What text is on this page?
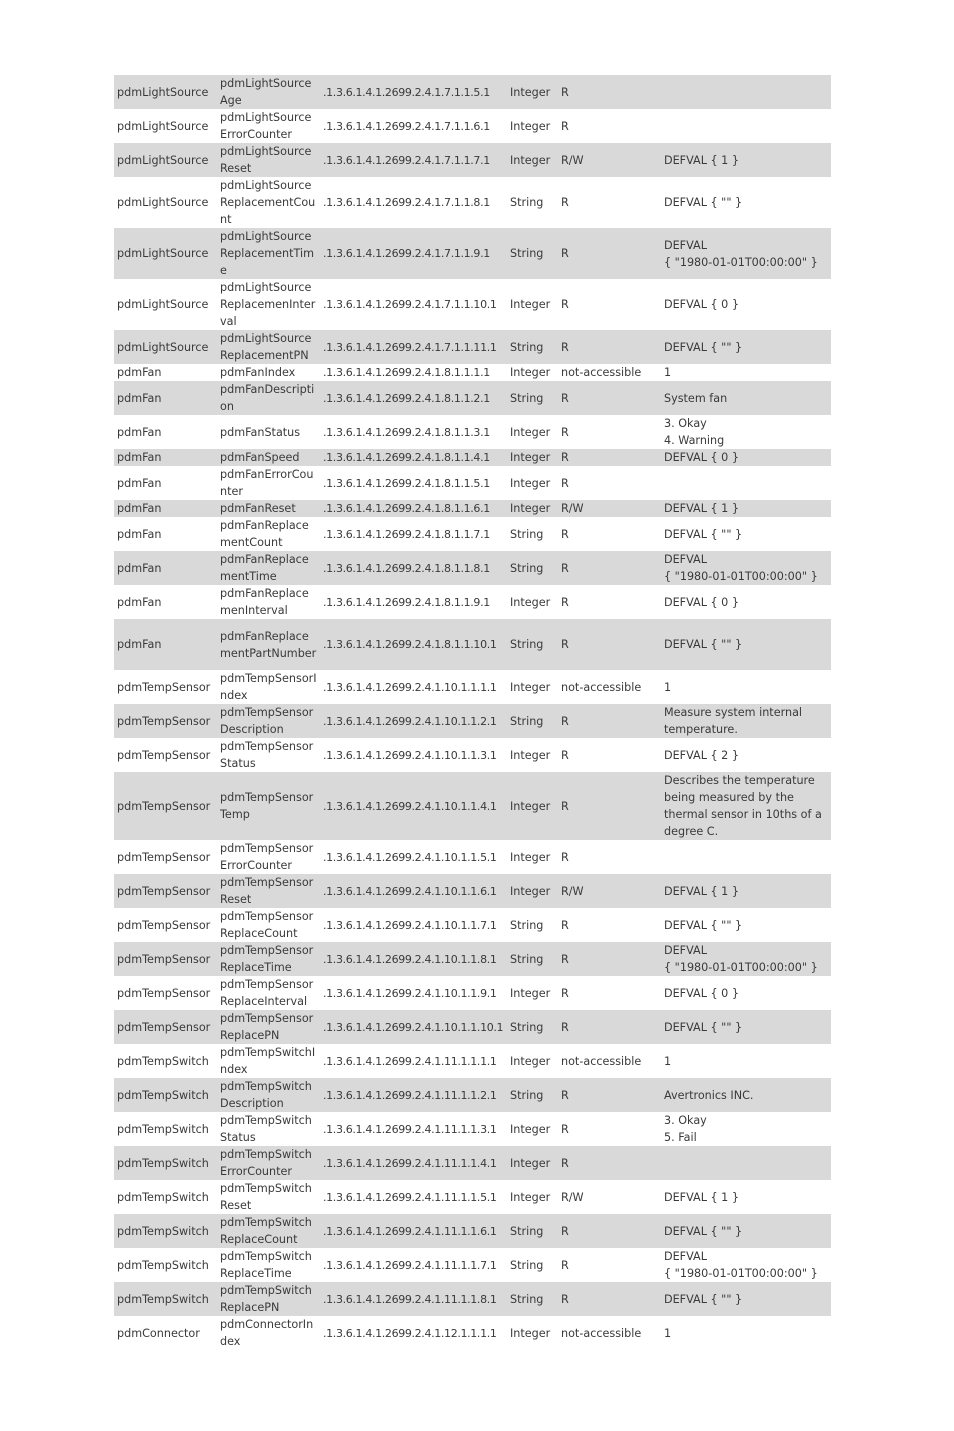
pdmLightSource	pdmLightSource Age	.1.3.6.1.4.1.2699.2.4.1.7.1.1.5.1	Integer	R	

pdmLightSource	pdmLightSource ErrorCounter	.1.3.6.1.4.1.2699.2.4.1.7.1.1.6.1	Integer	R	

pdmLightSource	pdmLightSource Reset	.1.3.6.1.4.1.2699.2.4.1.7.1.1.7.1	Integer	R/W	DEFVAL { 1 }

pdmLightSource	pdmLightSource ReplacementCount	.1.3.6.1.4.1.2699.2.4.1.7.1.1.8.1	String	R	DEFVAL { "" }

pdmLightSource	pdmLightSource ReplacementTime	.1.3.6.1.4.1.2699.2.4.1.7.1.1.9.1	String	R	DEFVAL
{ "1980-01-01T00:00:00" }

pdmLightSource	pdmLightSource ReplacemenInterval	.1.3.6.1.4.1.2699.2.4.1.7.1.1.10.1	Integer	R	DEFVAL { 0 }

pdmLightSource	pdmLightSource ReplacementPN	.1.3.6.1.4.1.2699.2.4.1.7.1.1.11.1	String	R	DEFVAL { "" }

pdmFan	pdmFanIndex	.1.3.6.1.4.1.2699.2.4.1.8.1.1.1.1	Integer	not-accessible	1

pdmFan	pdmFanDescription	.1.3.6.1.4.1.2699.2.4.1.8.1.1.2.1	String	R	System fan

pdmFan	pdmFanStatus	.1.3.6.1.4.1.2699.2.4.1.8.1.1.3.1	Integer	R	3. Okay
4. Warning

pdmFan	pdmFanSpeed	.1.3.6.1.4.1.2699.2.4.1.8.1.1.4.1	Integer	R	DEFVAL { 0 }

pdmFan	pdmFanErrorCounter	.1.3.6.1.4.1.2699.2.4.1.8.1.1.5.1	Integer	R	

pdmFan	pdmFanReset	.1.3.6.1.4.1.2699.2.4.1.8.1.1.6.1	Integer	R/W	DEFVAL { 1 }

pdmFan	pdmFanReplacementCount	.1.3.6.1.4.1.2699.2.4.1.8.1.1.7.1	String	R	DEFVAL { "" }

pdmFan	pdmFanReplacementTime	.1.3.6.1.4.1.2699.2.4.1.8.1.1.8.1	String	R	DEFVAL
{ "1980-01-01T00:00:00" }

pdmFan	pdmFanReplacemenInterval	.1.3.6.1.4.1.2699.2.4.1.8.1.1.9.1	Integer	R	DEFVAL { 0 }

pdmFan	pdmFanReplacementPartNumber	.1.3.6.1.4.1.2699.2.4.1.8.1.1.10.1	String	R	DEFVAL { "" }

pdmTempSensor	pdmTempSensorIndex	.1.3.6.1.4.1.2699.2.4.1.10.1.1.1.1	Integer	not-accessible	1

pdmTempSensor	pdmTempSensor Description	.1.3.6.1.4.1.2699.2.4.1.10.1.1.2.1	String	R	Measure system internal temperature.

pdmTempSensor	pdmTempSensor Status	.1.3.6.1.4.1.2699.2.4.1.10.1.1.3.1	Integer	R	DEFVAL { 2 }

pdmTempSensor	pdmTempSensor Temp	.1.3.6.1.4.1.2699.2.4.1.10.1.1.4.1	Integer	R	Describes the temperature being measured by the thermal sensor in 10ths of a degree C.

pdmTempSensor	pdmTempSensor ErrorCounter	.1.3.6.1.4.1.2699.2.4.1.10.1.1.5.1	Integer	R	

pdmTempSensor	pdmTempSensor Reset	.1.3.6.1.4.1.2699.2.4.1.10.1.1.6.1	Integer	R/W	DEFVAL { 1 }

pdmTempSensor	pdmTempSensor ReplaceCount	.1.3.6.1.4.1.2699.2.4.1.10.1.1.7.1	String	R	DEFVAL { "" }

pdmTempSensor	pdmTempSensor ReplaceTime	.1.3.6.1.4.1.2699.2.4.1.10.1.1.8.1	String	R	DEFVAL
{ "1980-01-01T00:00:00" }

pdmTempSensor	pdmTempSensor ReplaceInterval	.1.3.6.1.4.1.2699.2.4.1.10.1.1.9.1	Integer	R	DEFVAL { 0 }

pdmTempSensor	pdmTempSensor ReplacePN	.1.3.6.1.4.1.2699.2.4.1.10.1.1.10.1	String	R	DEFVAL { "" }

pdmTempSwitch	pdmTempSwitchIndex	.1.3.6.1.4.1.2699.2.4.1.11.1.1.1.1	Integer	not-accessible	1

pdmTempSwitch	pdmTempSwitch Description	.1.3.6.1.4.1.2699.2.4.1.11.1.1.2.1	String	R	Avertronics INC.

pdmTempSwitch	pdmTempSwitch Status	.1.3.6.1.4.1.2699.2.4.1.11.1.1.3.1	Integer	R	3. Okay
5. Fail

pdmTempSwitch	pdmTempSwitch ErrorCounter	.1.3.6.1.4.1.2699.2.4.1.11.1.1.4.1	Integer	R	

pdmTempSwitch	pdmTempSwitch Reset	.1.3.6.1.4.1.2699.2.4.1.11.1.1.5.1	Integer	R/W	DEFVAL { 1 }

pdmTempSwitch	pdmTempSwitch ReplaceCount	.1.3.6.1.4.1.2699.2.4.1.11.1.1.6.1	String	R	DEFVAL { "" }

pdmTempSwitch	pdmTempSwitch ReplaceTime	.1.3.6.1.4.1.2699.2.4.1.11.1.1.7.1	String	R	DEFVAL
{ "1980-01-01T00:00:00" }

pdmTempSwitch	pdmTempSwitch ReplacePN	.1.3.6.1.4.1.2699.2.4.1.11.1.1.8.1	String	R	DEFVAL { "" }

pdmConnector	pdmConnectorIndex	.1.3.6.1.4.1.2699.2.4.1.12.1.1.1.1	Integer	not-accessible	1
